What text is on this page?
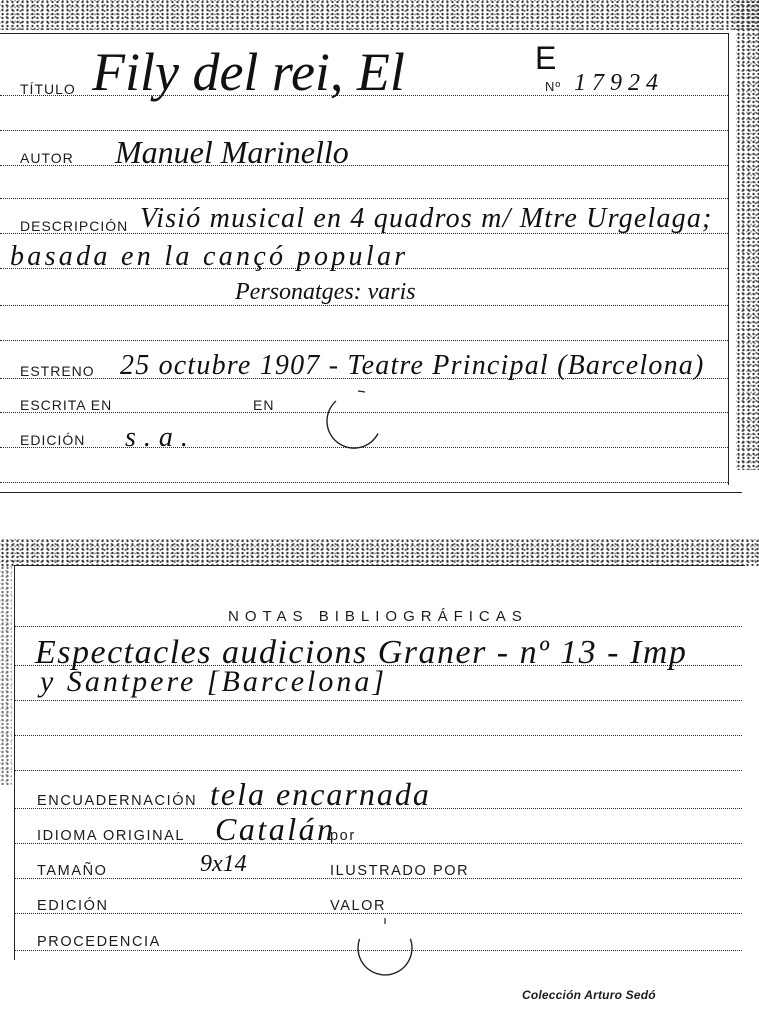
TÍTULO Fily del rei, El	E
Nº 17924
AUTOR Manuel Marinello
DESCRIPCIÓN Visió musical en 4 quadros m/ Mtre Urgelaga;
basada en la cançó popular
Personatges: varis
ESTRENO 25 octubre 1907 - Teatre Principal (Barcelona)
ESCRITA EN	EN
EDICIÓN s.a.
NOTAS BIBLIOGRÁFICAS
Espectacles audicions Graner - nº 13 - Imp
y Santpere [Barcelona]
ENCUADERNACIÓN tela encarnada
IDIOMA ORIGINAL Catalán
por
TAMAÑO	9x14	ILUSTRADO POR
EDICIÓN	VALOR
PROCEDENCIA
Colección Arturo Sedó
